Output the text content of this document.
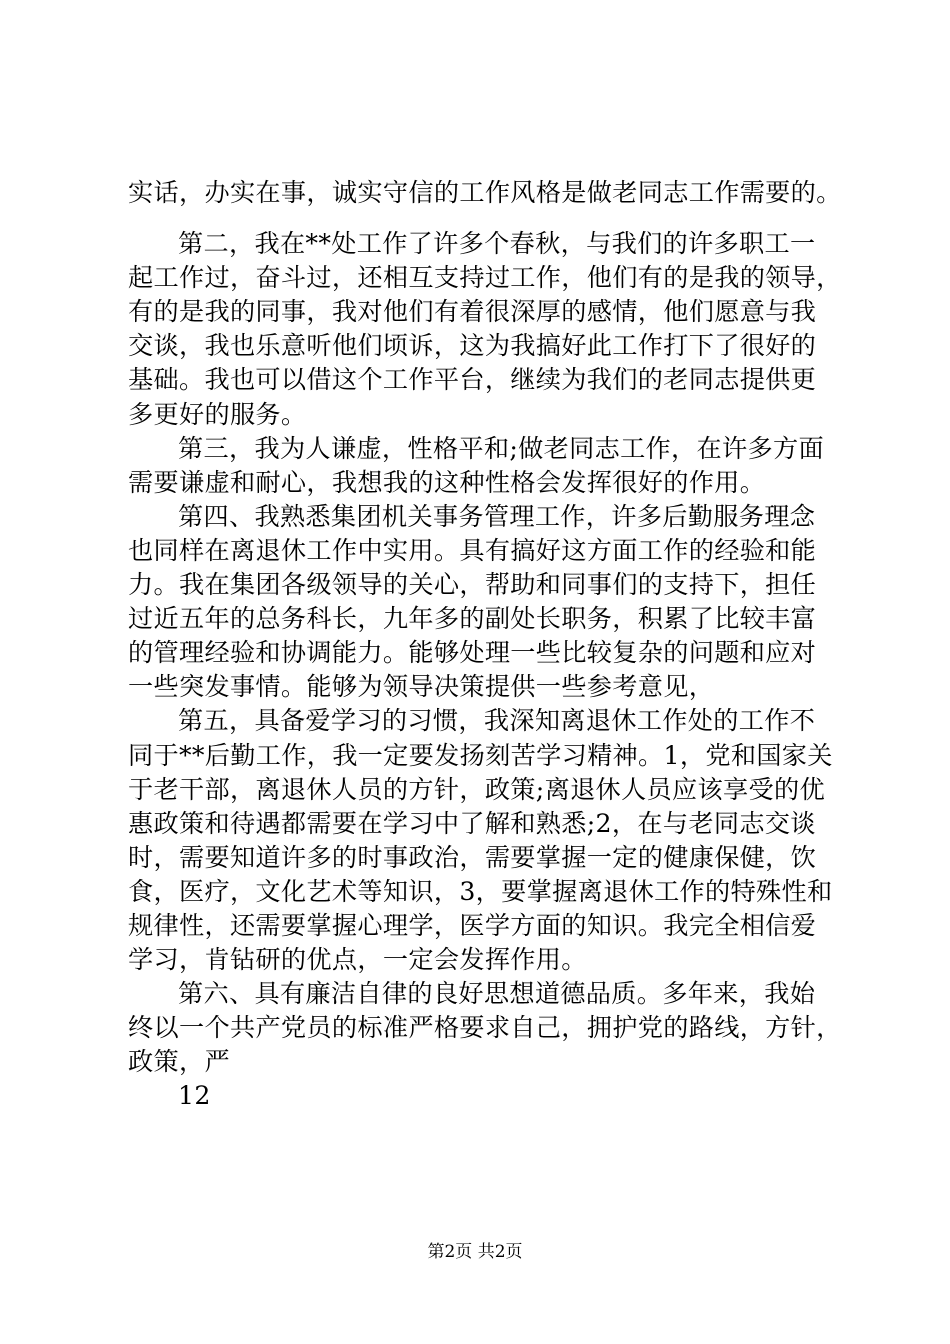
实话，办实在事，诚实守信的工作风格是做老同志工作需要的。
第二，我在**处工作了许多个春秋，与我们的许多职工一
起工作过，奋斗过，还相互支持过工作，他们有的是我的领导，
有的是我的同事，我对他们有着很深厚的感情，他们愿意与我
交谈，我也乐意听他们顷诉，这为我搞好此工作打下了很好的
基础。我也可以借这个工作平台，继续为我们的老同志提供更
多更好的服务。
第三，我为人谦虚，性格平和;做老同志工作，在许多方面
需要谦虚和耐心，我想我的这种性格会发挥很好的作用。
第四、我熟悉集团机关事务管理工作，许多后勤服务理念
也同样在离退休工作中实用。具有搞好这方面工作的经验和能
力。我在集团各级领导的关心，帮助和同事们的支持下，担任
过近五年的总务科长，九年多的副处长职务，积累了比较丰富
的管理经验和协调能力。能够处理一些比较复杂的问题和应对
一些突发事情。能够为领导决策提供一些参考意见，
第五，具备爱学习的习惯，我深知离退休工作处的工作不
同于**后勤工作，我一定要发扬刻苦学习精神。1，党和国家关
于老干部，离退休人员的方针，政策;离退休人员应该享受的优
惠政策和待遇都需要在学习中了解和熟悉;2，在与老同志交谈
时，需要知道许多的时事政治，需要掌握一定的健康保健，饮
食，医疗，文化艺术等知识，3，要掌握离退休工作的特殊性和
规律性，还需要掌握心理学，医学方面的知识。我完全相信爱
学习，肯钻研的优点，一定会发挥作用。
第六、具有廉洁自律的良好思想道德品质。多年来，我始
终以一个共产党员的标准严格要求自己，拥护党的路线，方针，
政策，严
12
第2页 共2页
